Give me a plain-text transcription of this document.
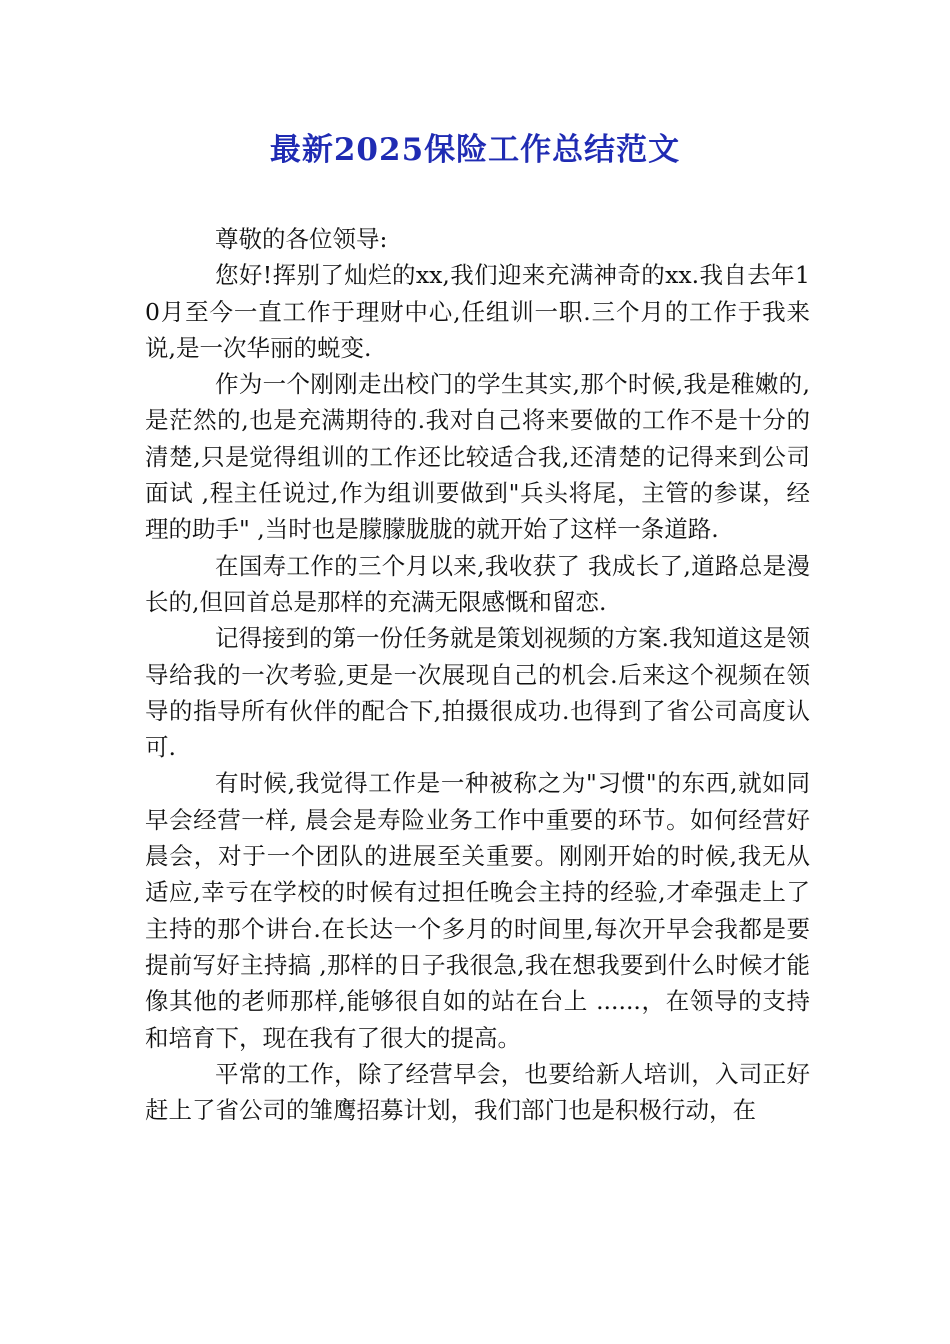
最新2025保险工作总结范文

尊敬的各位领导:

您好!挥别了灿烂的xx,我们迎来充满神奇的xx.我自去年10月至今一直工作于理财中心,任组训一职.三个月的工作于我来说,是一次华丽的蜕变.

作为一个刚刚走出校门的学生其实,那个时候,我是稚嫩的,是茫然的,也是充满期待的.我对自己将来要做的工作不是十分的清楚,只是觉得组训的工作还比较适合我,还清楚的记得来到公司面试 ,程主任说过,作为组训要做到"兵头将尾，主管的参谋，经理的助手" ,当时也是朦朦胧胧的就开始了这样一条道路.

在国寿工作的三个月以来,我收获了 我成长了,道路总是漫长的,但回首总是那样的充满无限感慨和留恋.

记得接到的第一份任务就是策划视频的方案.我知道这是领导给我的一次考验,更是一次展现自己的机会.后来这个视频在领导的指导所有伙伴的配合下,拍摄很成功.也得到了省公司高度认可.

有时候,我觉得工作是一种被称之为"习惯"的东西,就如同早会经营一样, 晨会是寿险业务工作中重要的环节。如何经营好晨会，对于一个团队的进展至关重要。刚刚开始的时候,我无从适应,幸亏在学校的时候有过担任晚会主持的经验,才牵强走上了主持的那个讲台.在长达一个多月的时间里,每次开早会我都是要提前写好主持搞 ,那样的日子我很急,我在想我要到什么时候才能像其他的老师那样,能够很自如的站在台上 ......，在领导的支持和培育下，现在我有了很大的提高。

平常的工作，除了经营早会，也要给新人培训，入司正好赶上了省公司的雏鹰招募计划，我们部门也是积极行动，在
